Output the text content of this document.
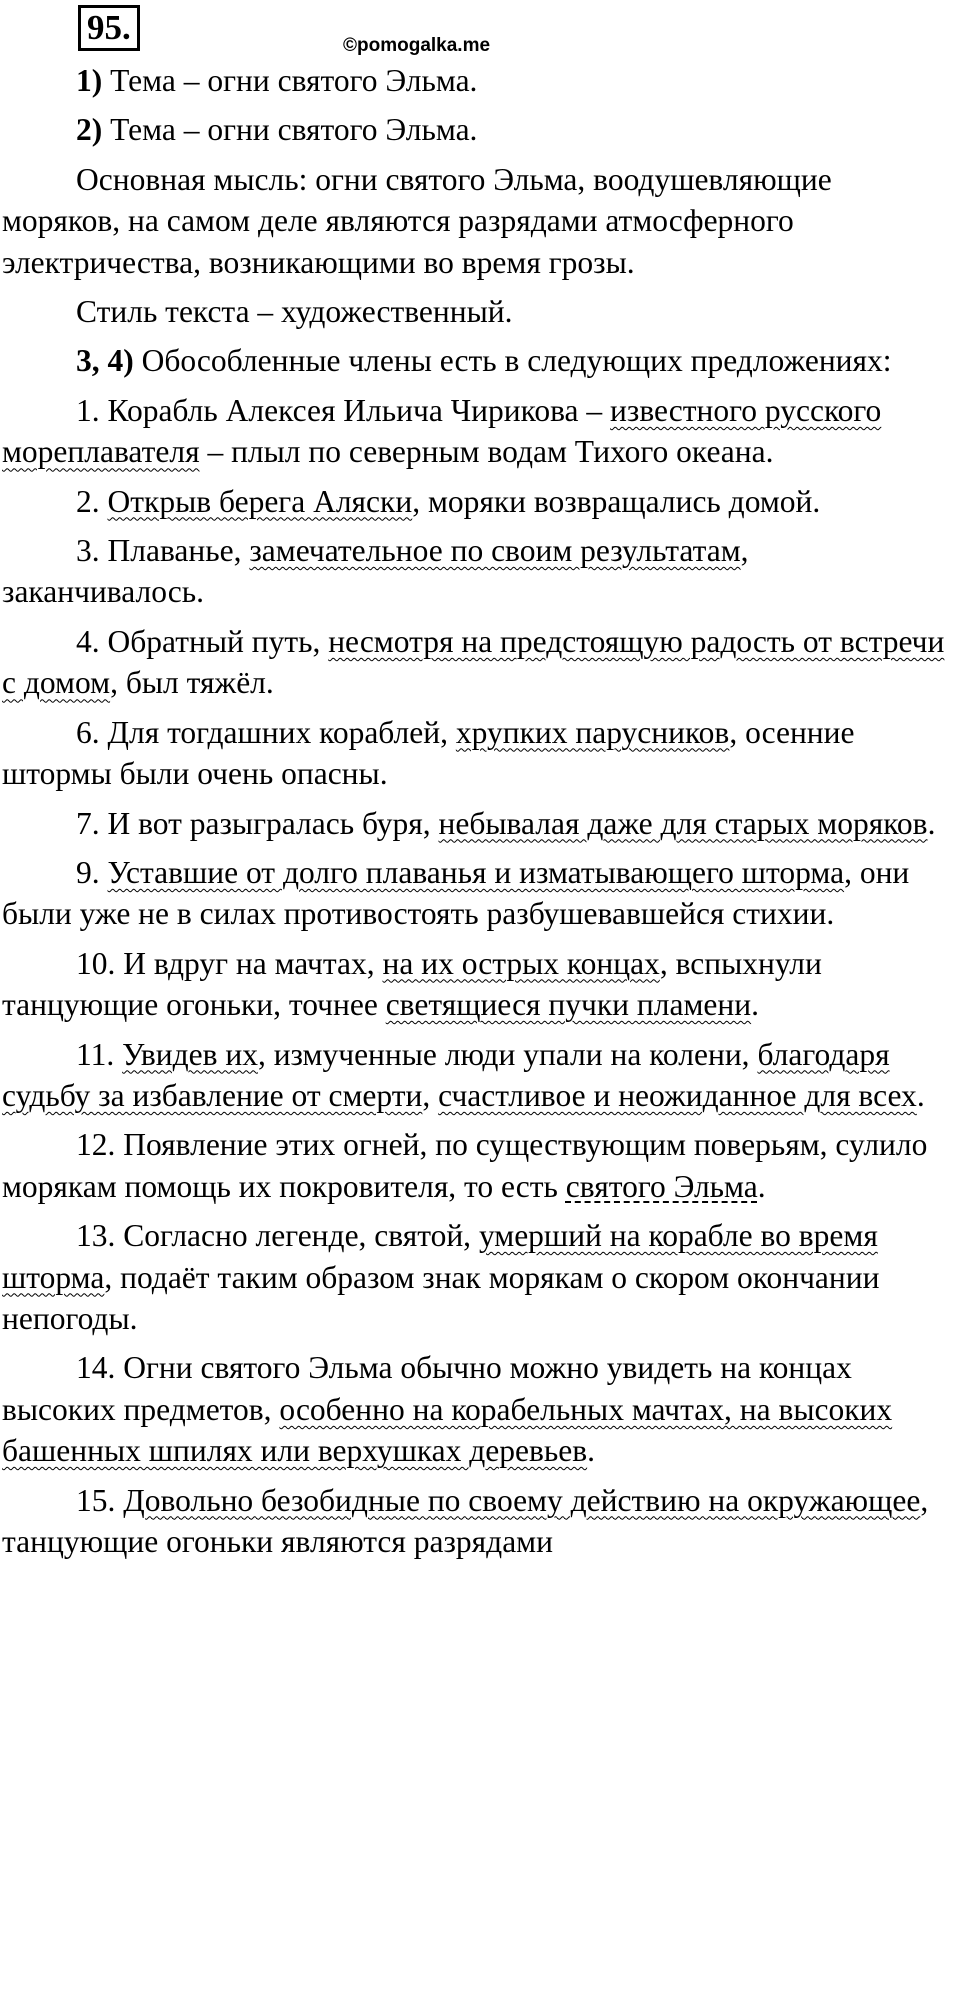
95.	©pomogalka.me

1) Тема – огни святого Эльма.

2) Тема – огни святого Эльма.

Основная мысль: огни святого Эльма, воодушевляющие моряков, на самом деле являются разрядами атмосферного электричества, возникающими во время грозы.

Стиль текста – художественный.

3, 4) Обособленные члены есть в следующих предложениях:

1. Корабль Алексея Ильича Чирикова – известного русского мореплавателя – плыл по северным водам Тихого океана.

2. Открыв берега Аляски, моряки возвращались домой.

3. Плаванье, замечательное по своим результатам, заканчивалось.

4. Обратный путь, несмотря на предстоящую радость от встречи с домом, был тяжёл.

6. Для тогдашних кораблей, хрупких парусников, осенние штормы были очень опасны.

7. И вот разыгралась буря, небывалая даже для старых моряков.

9. Уставшие от долго плаванья и изматывающего шторма, они были уже не в силах противостоять разбушевавшейся стихии.

10. И вдруг на мачтах, на их острых концах, вспыхнули танцующие огоньки, точнее светящиеся пучки пламени.

11. Увидев их, измученные люди упали на колени, благодаря судьбу за избавление от смерти, счастливое и неожиданное для всех.

12. Появление этих огней, по существующим поверьям, сулило морякам помощь их покровителя, то есть святого Эльма.

13. Согласно легенде, святой, умерший на корабле во время шторма, подаёт таким образом знак морякам о скором окончании непогоды.

14. Огни святого Эльма обычно можно увидеть на концах высоких предметов, особенно на корабельных мачтах, на высоких башенных шпилях или верхушках деревьев.

15. Довольно безобидные по своему действию на окружающее, танцующие огоньки являются разрядами
